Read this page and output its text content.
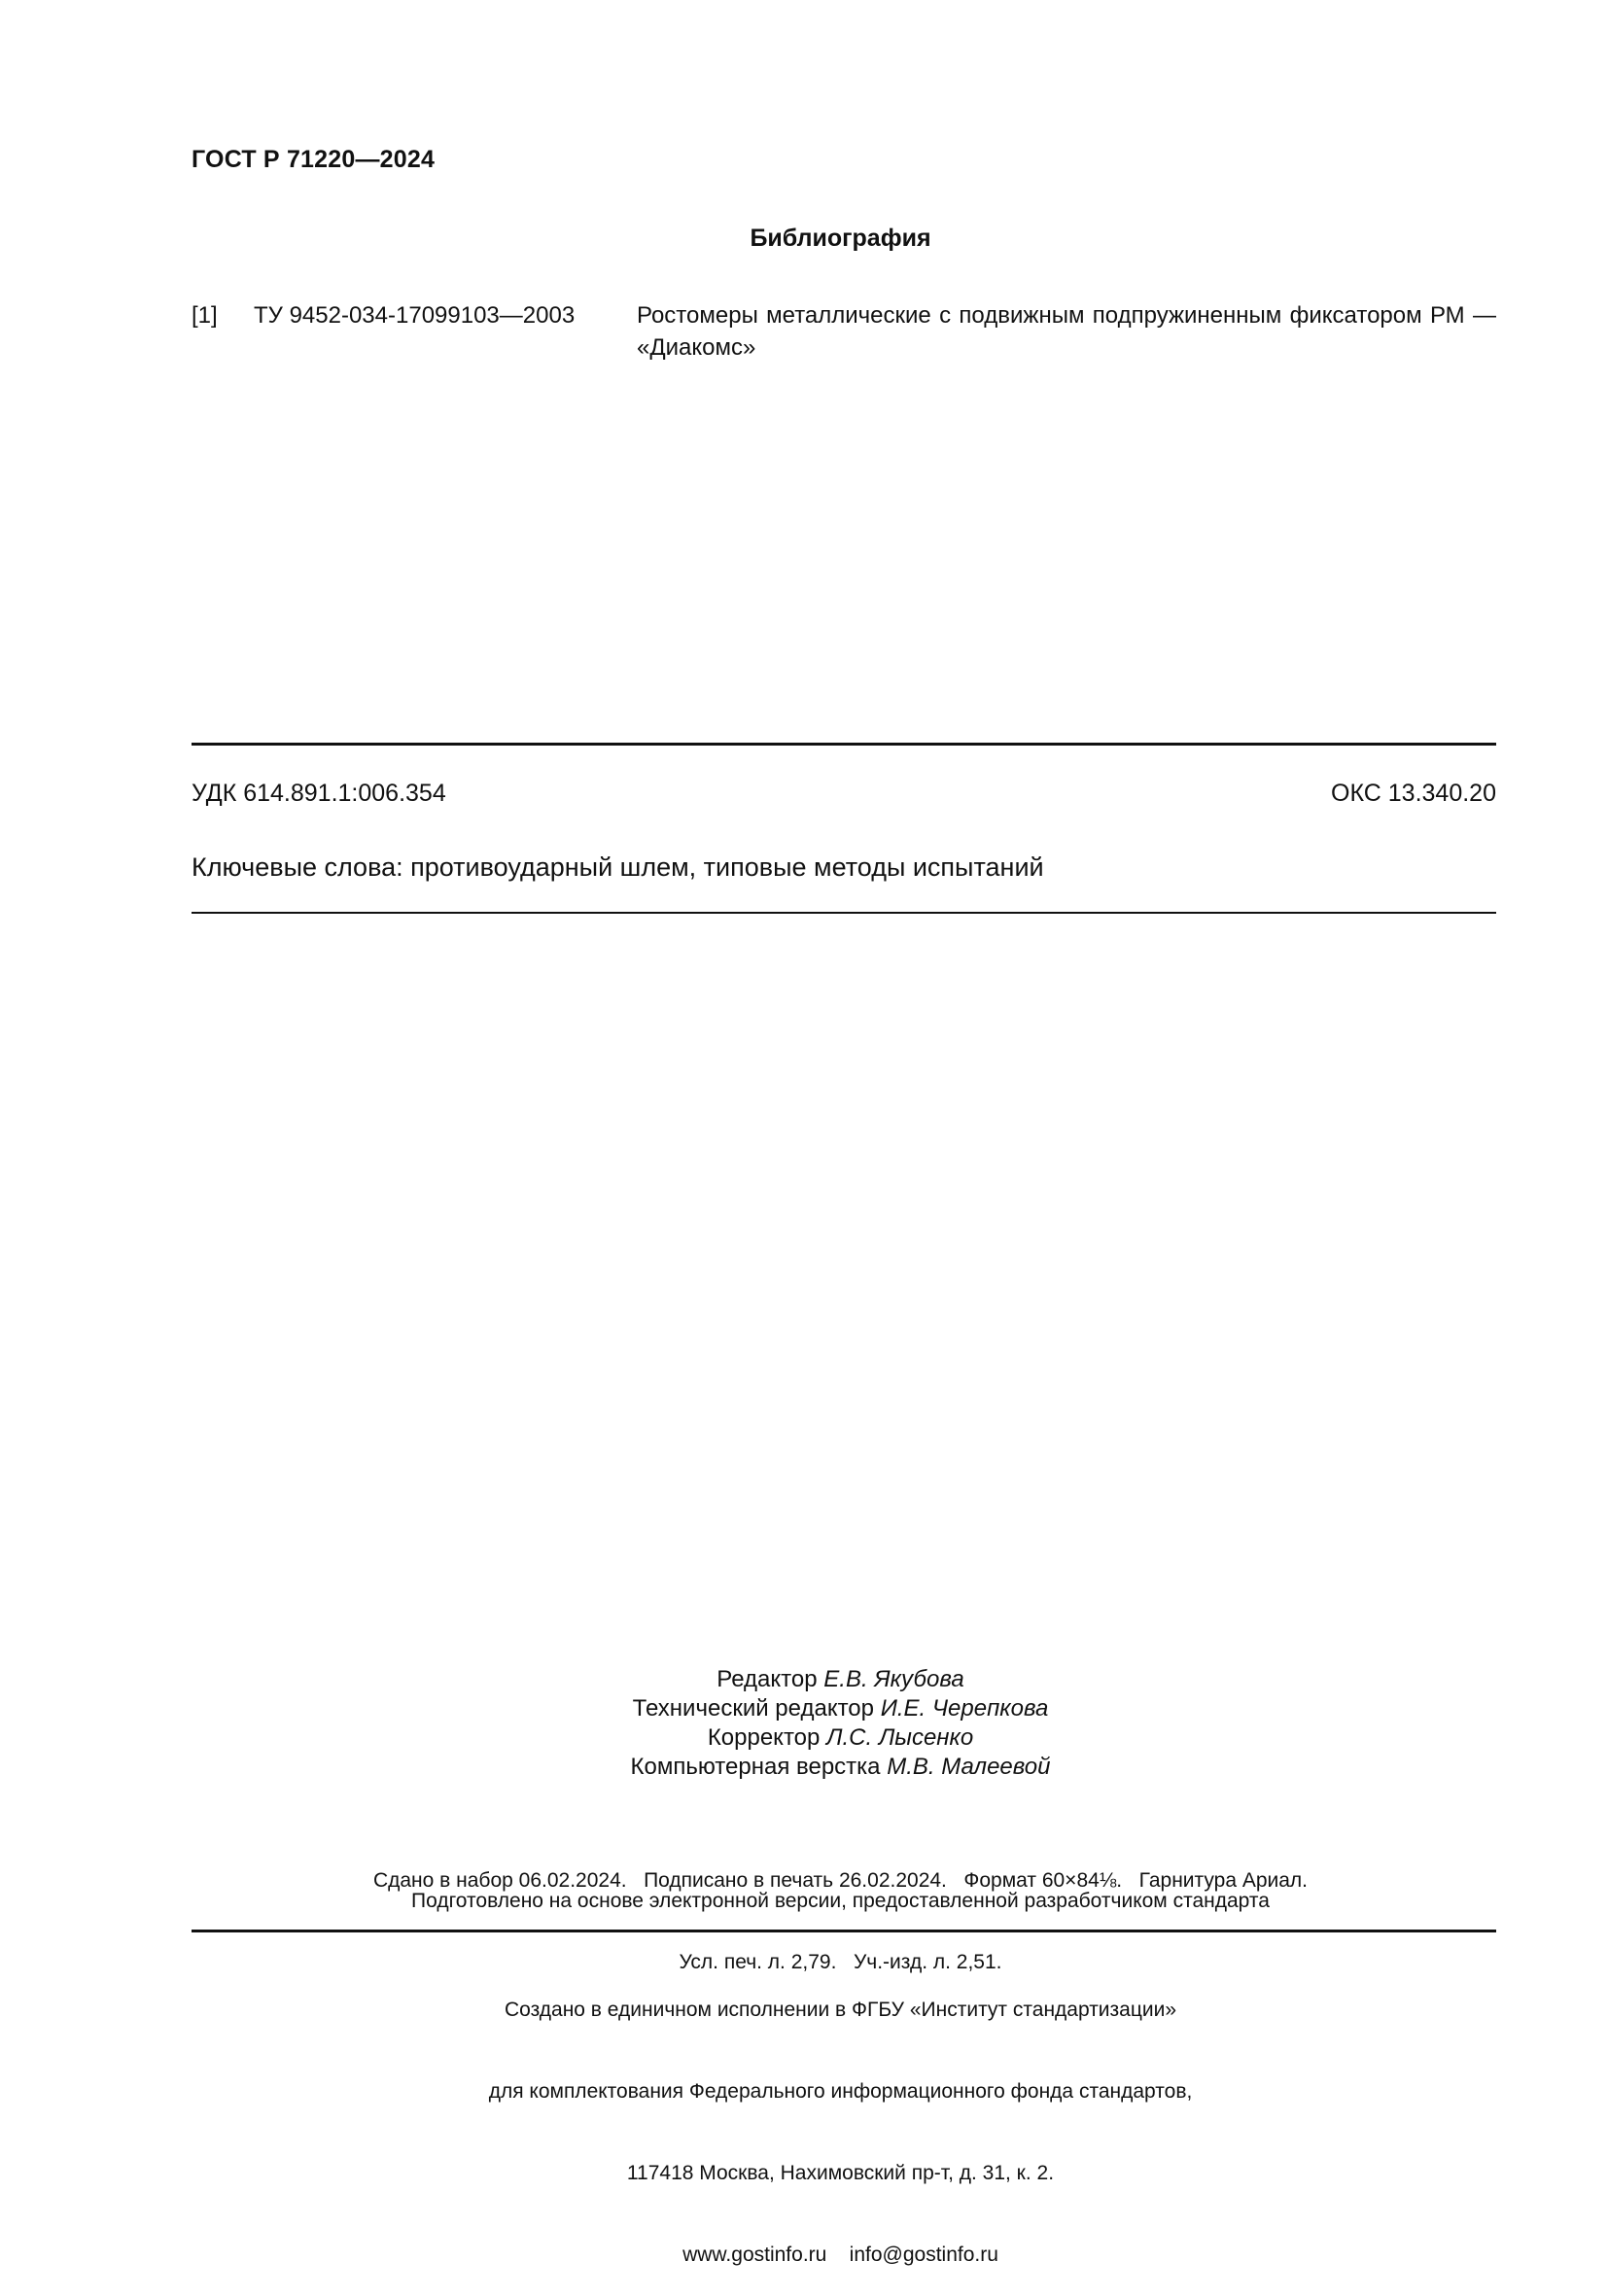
ГОСТ Р 71220—2024
Библиография
[1] ТУ 9452-034-17099103—2003	Ростомеры металлические с подвижным подпружиненным фиксатором РМ — «Диакомс»
УДК 614.891.1:006.354	ОКС 13.340.20
Ключевые слова: противоударный шлем, типовые методы испытаний
Редактор Е.В. Якубова
Технический редактор И.Е. Черепкова
Корректор Л.С. Лысенко
Компьютерная верстка М.В. Малеевой

Сдано в набор 06.02.2024.   Подписано в печать 26.02.2024.   Формат 60×84⅛.   Гарнитура Ариал.

Усл. печ. л. 2,79.   Уч.-изд. л. 2,51.

Подготовлено на основе электронной версии, предоставленной разработчиком стандарта

Создано в единичном исполнении в ФГБУ «Институт стандартизации»

для комплектования Федерального информационного фонда стандартов,

117418 Москва, Нахимовский пр-т, д. 31, к. 2.

www.gostinfo.ru    info@gostinfo.ru
